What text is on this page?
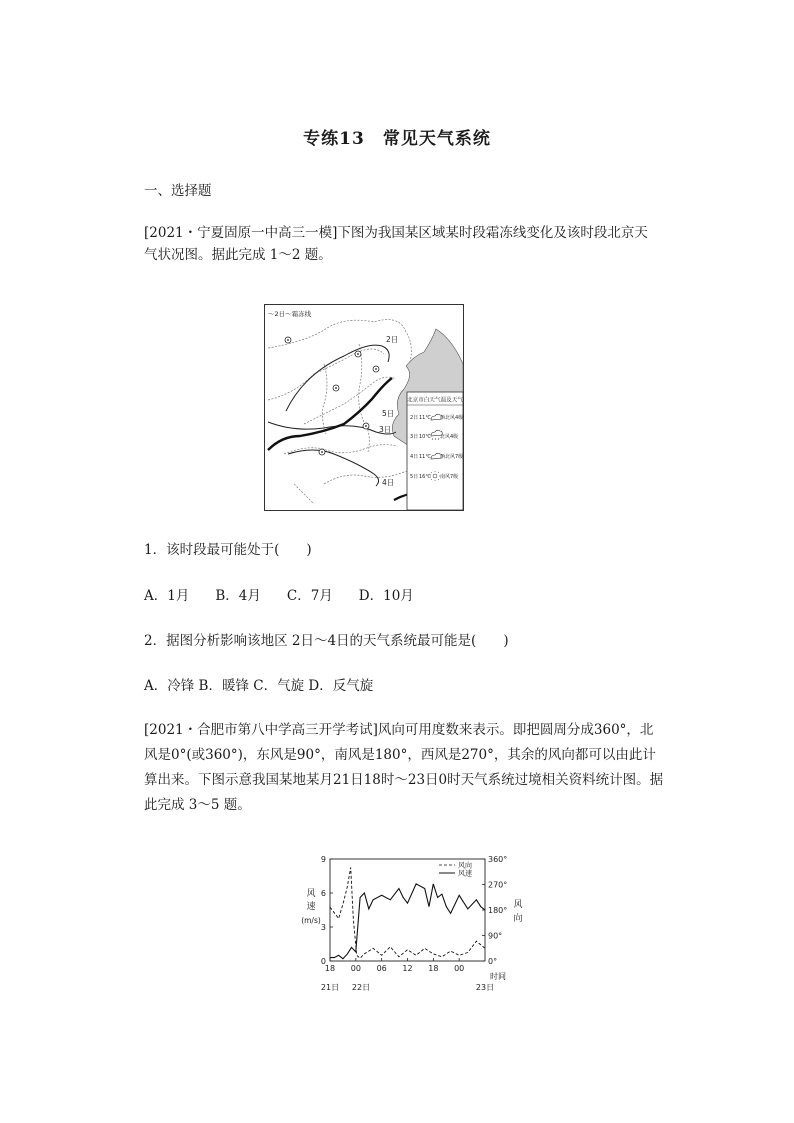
专练13　常见天气系统
一、选择题
[2021・宁夏固原一中高三一模]下图为我国某区域某时段霜冻线变化及该时段北京天气状况图。据此完成 1～2 题。
～2日～霜冻线
2日
3日
4日
5日
北京市白天气温及天气
2日 11℃ 西北风4级
3日 10℃ 北风4级
4日 11℃ 西北风7级
5日 16℃ 南风7级
1．该时段最可能处于(　　)
A．1月 B．4月 C．7月 D．10月
2．据图分析影响该地区 2日～4日的天气系统最可能是(　　)
A．冷锋 B．暖锋 C．气旋 D．反气旋
[2021・合肥市第八中学高三开学考试]风向可用度数来表示。即把圆周分成360°，北风是0°(或360°)，东风是90°，南风是180°，西风是270°，其余的风向都可以由此计算出来。下图示意我国某地某月21日18时～23日0时天气系统过境相关资料统计图。据此完成 3～5 题。
0
3
6
9
0°
90°
180°
270°
360°
18 00 06 12 18 00
风向
风速
风
速
(m/s)
风
向
时间
21日 22日	23日
